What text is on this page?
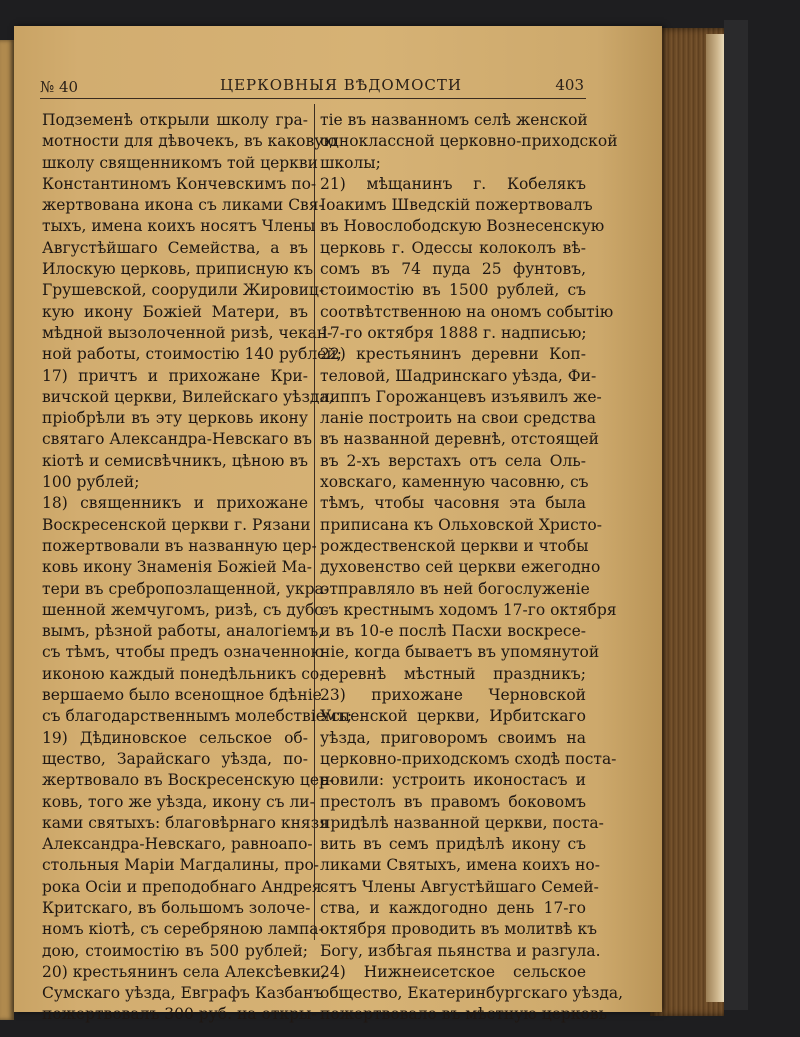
№ 40	ЦЕРКОВНЫЯ ВѢДОМОСТИ	403
Подземенѣ открыли школу гра-
мотности для дѣвочекъ, въ каковую
школу священникомъ той церкви
Константиномъ Кончевскимъ по-
жертвована икона съ ликами Свя-
тыхъ, имена коихъ носятъ Члены
Августѣйшаго Семейства, а въ
Илоскую церковь, приписную къ
Грушевской, соорудили Жировиц-
кую икону Божіей Матери, въ
мѣдной вызолоченной ризѣ, чекан-
ной работы, стоимостію 140 рублей;
17) причтъ и прихожане Кри-
вичской церкви, Вилейскаго уѣзда,
пріобрѣли въ эту церковь икону
святаго Александра-Невскаго въ
кіотѣ и семисвѣчникъ, цѣною въ
100 рублей;
18) священникъ и прихожане
Воскресенской церкви г. Рязани
пожертвовали въ названную цер-
ковь икону Знаменія Божіей Ма-
тери въ сребропозлащенной, укра-
шенной жемчугомъ, ризѣ, съ дубо-
вымъ, рѣзной работы, аналогіемъ,
съ тѣмъ, чтобы предъ означенною
иконою каждый понедѣльникъ со-
вершаемо было всенощное бдѣніе
съ благодарственнымъ молебствіемъ;
19) Дѣдиновское сельское об-
щество, Зарайскаго уѣзда, по-
жертвовало въ Воскресенскую цер-
ковь, того же уѣзда, икону съ ли-
ками святыхъ: благовѣрнаго князя
Александра-Невскаго, равноапо-
стольныя Маріи Магдалины, про-
рока Осіи и преподобнаго Андрея
Критскаго, въ большомъ золоче-
номъ кіотѣ, съ серебряною лампа-
дою, стоимостію въ 500 рублей;
20) крестьянинъ села Алексѣевки,
Сумскаго уѣзда, Евграфъ Казбанъ
пожертвовалъ 300 руб. на откры-
тіе въ названномъ селѣ женской
одноклассной церковно-приходской
школы;
21) мѣщанинъ г. Кобелякъ
Іоакимъ Шведскій пожертвовалъ
въ Новослободскую Вознесенскую
церковь г. Одессы колоколъ вѣ-
сомъ въ 74 пуда 25 фунтовъ,
стоимостію въ 1500 рублей, съ
соотвѣтственною на ономъ событію
17-го октября 1888 г. надписью;
22) крестьянинъ деревни Коп-
теловой, Шадринскаго уѣзда, Фи-
липпъ Горожанцевъ изъявилъ же-
ланіе построить на свои средства
въ названной деревнѣ, отстоящей
въ 2-хъ верстахъ отъ села Оль-
ховскаго, каменную часовню, съ
тѣмъ, чтобы часовня эта была
приписана къ Ольховской Христо-
рождественской церкви и чтобы
духовенство сей церкви ежегодно
отправляло въ ней богослуженіе
съ крестнымъ ходомъ 17-го октября
и въ 10-е послѣ Пасхи воскресе-
ніе, когда бываетъ въ упомянутой
деревнѣ мѣстный праздникъ;
23) прихожане Черновской
Успенской церкви, Ирбитскаго
уѣзда, приговоромъ своимъ на
церковно-приходскомъ сходѣ поста-
новили: устроить иконостасъ и
престолъ въ правомъ боковомъ
придѣлѣ названной церкви, поста-
вить въ семъ придѣлѣ икону съ
ликами Святыхъ, имена коихъ но-
сятъ Члены Августѣйшаго Семей-
ства, и каждогодно день 17-го
октября проводить въ молитвѣ къ
Богу, избѣгая пьянства и разгула.
24) Нижнеисетское сельское
общество, Екатеринбургскаго уѣзда,
пожертвовало въ мѣстную церковь
